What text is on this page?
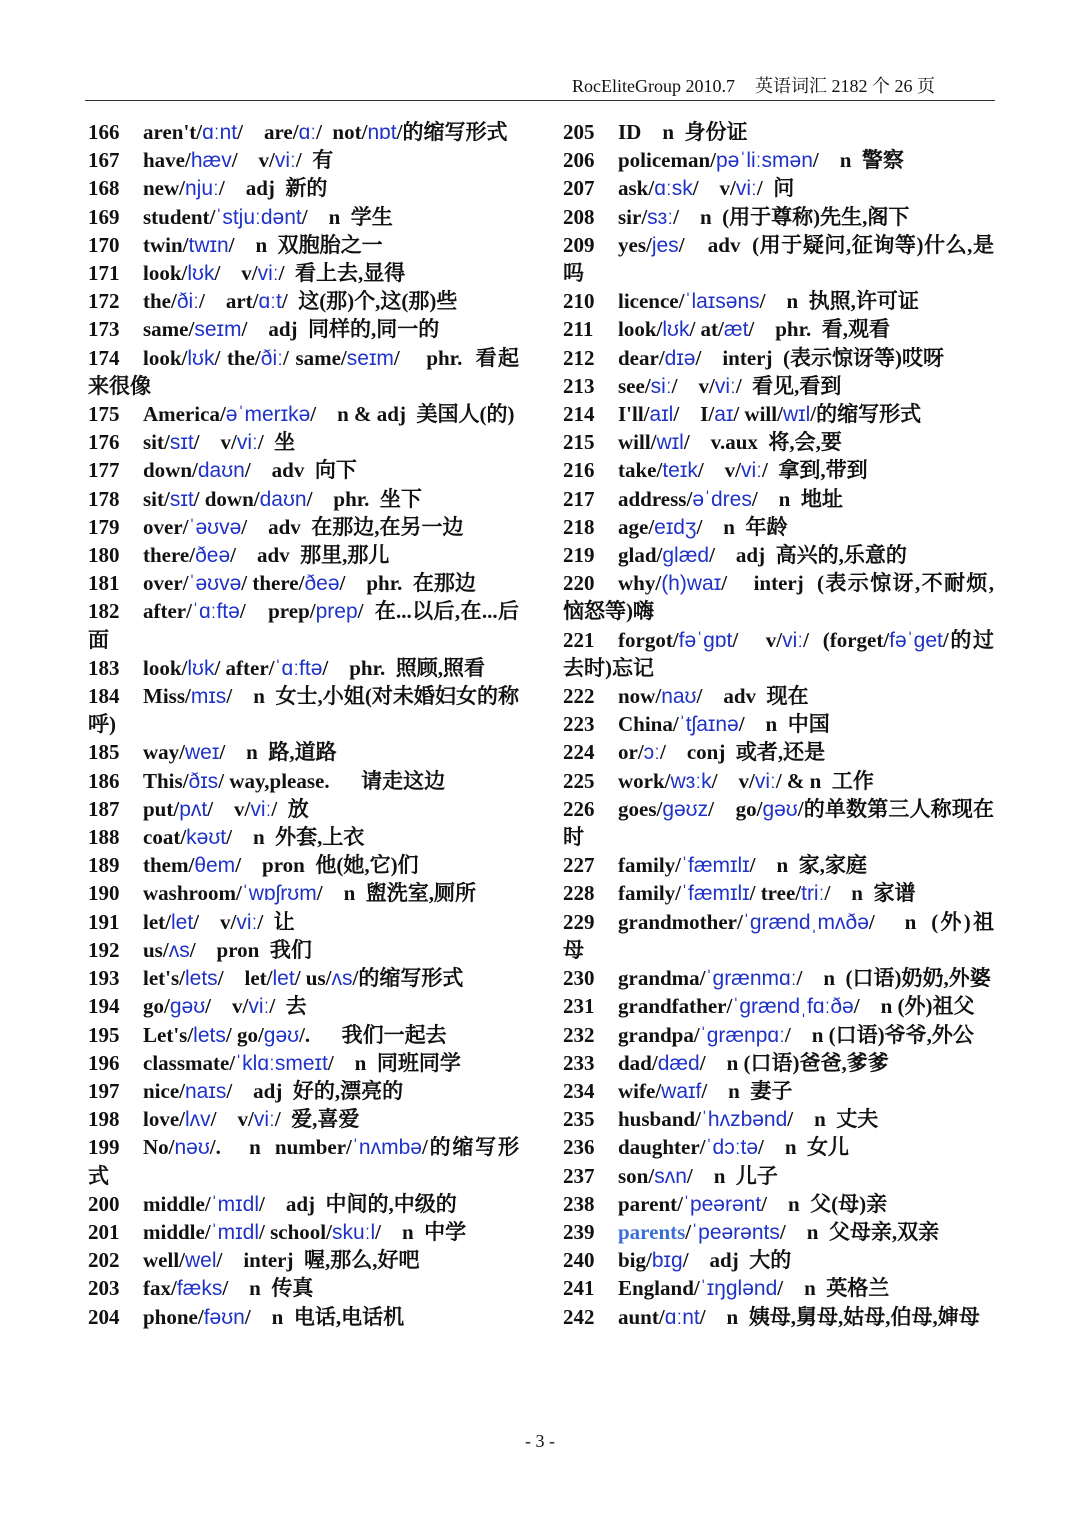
RocEliteGroup 2010.7 英语词汇 2182 个 26 页
166 aren't/ɑːnt/    are/ɑː/  not/nɒt/的缩写形式
167 have/hæv/    v/viː/  有
168 new/njuː/    adj  新的
169 student/ˈstjuːdənt/    n  学生
170 twin/twɪn/    n  双胞胎之一
171 look/lʊk/    v/viː/  看上去,显得
172 the/ðiː/    art/ɑːt/  这(那)个,这(那)些
173 same/seɪm/    adj  同样的,同一的
174 look/lʊk/ the/ðiː/ same/seɪm/    phr.  看起来很像
175 America/əˈmerɪkə/    n & adj  美国人(的)
176 sit/sɪt/    v/viː/  坐
177 down/daʊn/    adv  向下
178 sit/sɪt/ down/daʊn/    phr.  坐下
179 over/ˈəʊvə/    adv  在那边,在另一边
180 there/ðeə/    adv  那里,那儿
181 over/ˈəʊvə/ there/ðeə/    phr.  在那边
182 after/ˈɑːftə/    prep/prep/  在...以后,在...后面
183 look/lʊk/ after/ˈɑːftə/    phr.  照顾,照看
184 Miss/mɪs/    n  女士,小姐(对未婚妇女的称呼)
185 way/weɪ/    n  路,道路
186 This/ðɪs/ way,please.      请走这边
187 put/pʌt/    v/viː/  放
188 coat/kəʊt/    n  外套,上衣
189 them/θem/    pron  他(她,它)们
190 washroom/ˈwɒʃrʊm/    n  盥洗室,厕所
191 let/let/    v/viː/  让
192 us/ʌs/    pron  我们
193 let's/lets/    let/let/ us/ʌs/的缩写形式
194 go/gəʊ/    v/viː/  去
195 Let's/lets/ go/gəʊ/.      我们一起去
196 classmate/ˈklɑːsmeɪt/    n  同班同学
197 nice/naɪs/    adj  好的,漂亮的
198 love/lʌv/    v/viː/  爱,喜爱
199 No/nəʊ/.    n  number/ˈnʌmbə/的缩写形式
200 middle/ˈmɪdl/    adj  中间的,中级的
201 middle/ˈmɪdl/ school/skuːl/    n  中学
202 well/wel/    interj  喔,那么,好吧
203 fax/fæks/    n  传真
204 phone/fəʊn/    n  电话,电话机
205 ID    n  身份证
206 policeman/pəˈliːsmən/    n  警察
207 ask/ɑːsk/    v/viː/  问
208 sir/sɜː/    n  (用于尊称)先生,阁下
209 yes/jes/    adv  (用于疑问,征询等)什么,是吗
210 licence/ˈlaɪsəns/    n  执照,许可证
211 look/lʊk/ at/æt/    phr.  看,观看
212 dear/dɪə/    interj  (表示惊讶等)哎呀
213 see/siː/    v/viː/  看见,看到
214 I'll/aɪl/    I/aɪ/ will/wɪl/的缩写形式
215 will/wɪl/    v.aux  将,会,要
216 take/teɪk/    v/viː/  拿到,带到
217 address/əˈdres/    n  地址
218 age/eɪdʒ/    n  年龄
219 glad/glæd/    adj  高兴的,乐意的
220 why/(h)waɪ/    interj  (表示惊讶,不耐烦,恼怒等)嗨
221 forgot/fəˈgɒt/    v/viː/  (forget/fəˈget/的过去时)忘记
222 now/naʊ/    adv  现在
223 China/ˈtʃaɪnə/    n  中国
224 or/ɔː/    conj  或者,还是
225 work/wɜːk/    v/viː/ & n  工作
226 goes/gəʊz/    go/gəʊ/的单数第三人称现在时
227 family/ˈfæmɪlɪ/    n  家,家庭
228 family/ˈfæmɪlɪ/ tree/triː/    n  家谱
229 grandmother/ˈgrændˌmʌðə/    n  (外)祖母
230 grandma/ˈgrænmɑː/    n  (口语)奶奶,外婆
231 grandfather/ˈgrændˌfɑːðə/    n (外)祖父
232 grandpa/ˈgrænpɑː/    n (口语)爷爷,外公
233 dad/dæd/    n (口语)爸爸,爹爹
234 wife/waɪf/    n  妻子
235 husband/ˈhʌzbənd/    n  丈夫
236 daughter/ˈdɔːtə/    n  女儿
237 son/sʌn/    n  儿子
238 parent/ˈpeərənt/    n  父(母)亲
239 parents/ˈpeərənts/    n  父母亲,双亲
240 big/bɪg/    adj  大的
241 England/ˈɪŋglənd/    n  英格兰
242 aunt/ɑːnt/    n  姨母,舅母,姑母,伯母,婶母
- 3 -
